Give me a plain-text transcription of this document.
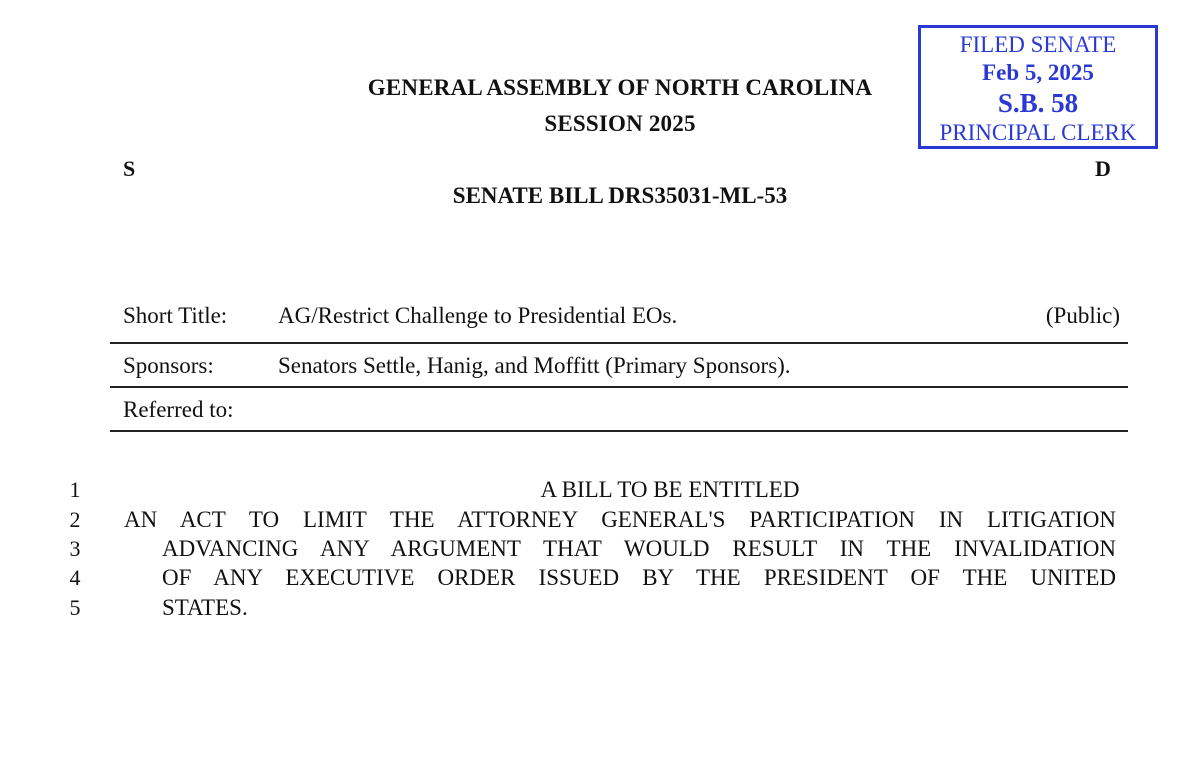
FILED SENATE
Feb 5, 2025
S.B. 58
PRINCIPAL CLERK
GENERAL ASSEMBLY OF NORTH CAROLINA
SESSION 2025
S	D
SENATE BILL DRS35031-ML-53
Short Title: AG/Restrict Challenge to Presidential EOs.	(Public)
Sponsors:	Senators Settle, Hanig, and Moffitt (Primary Sponsors).
Referred to:
1	A BILL TO BE ENTITLED
2	AN ACT TO LIMIT THE ATTORNEY GENERAL'S PARTICIPATION IN LITIGATION
3	ADVANCING ANY ARGUMENT THAT WOULD RESULT IN THE INVALIDATION
4	OF ANY EXECUTIVE ORDER ISSUED BY THE PRESIDENT OF THE UNITED
5	STATES.
